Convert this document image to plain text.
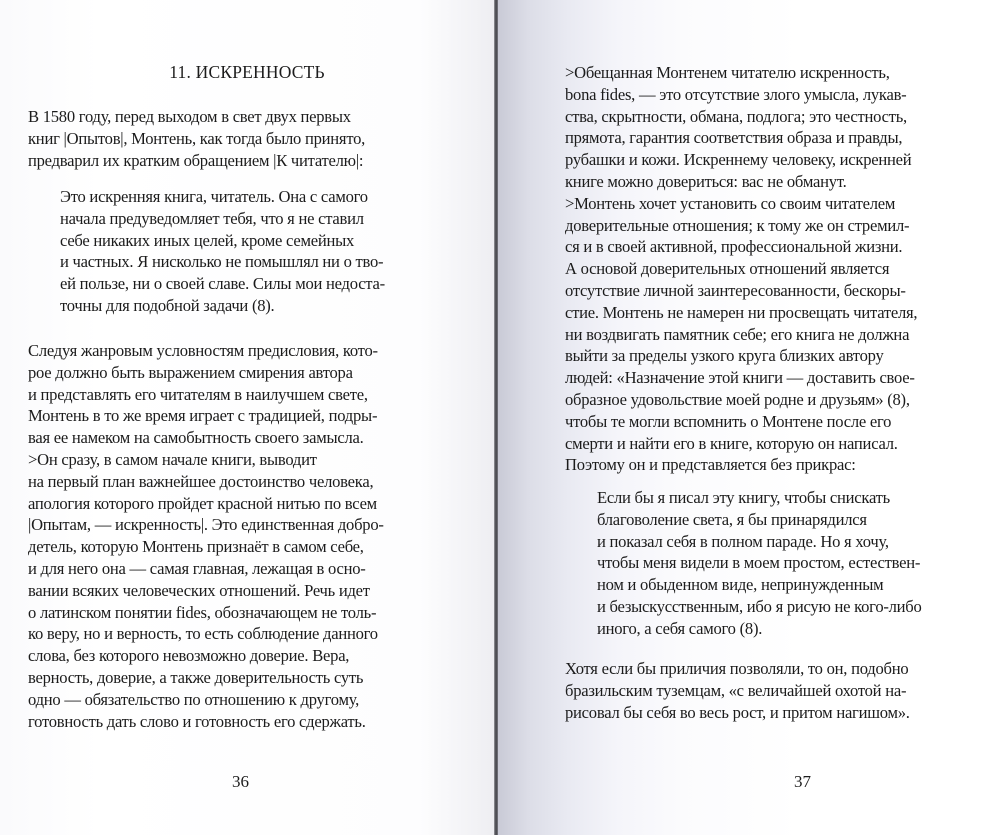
11. ИСКРЕННОСТЬ
В 1580 году, перед выходом в свет двух первых
книг |Опытов|, Монтень, как тогда было принято,
предварил их кратким обращением |К читателю|:
Это искренняя книга, читатель. Она с самого
начала предуведомляет тебя, что я не ставил
себе никаких иных целей, кроме семейных
и частных. Я нисколько не помышлял ни о тво-
ей пользе, ни о своей славе. Силы мои недоста-
точны для подобной задачи (8).
Следуя жанровым условностям предисловия, кото-
рое должно быть выражением смирения автора
и представлять его читателям в наилучшем свете,
Монтень в то же время играет с традицией, подры-
вая ее намеком на самобытность своего замысла.
>Он сразу, в самом начале книги, выводит
на первый план важнейшее достоинство человека,
апология которого пройдет красной нитью по всем
|Опытам, — искренность|. Это единственная добро-
детель, которую Монтень признаёт в самом себе,
и для него она — самая главная, лежащая в осно-
вании всяких человеческих отношений. Речь идет
о латинском понятии fides, обозначающем не толь-
ко веру, но и верность, то есть соблюдение данного
слова, без которого невозможно доверие. Вера,
верность, доверие, а также доверительность суть
одно — обязательство по отношению к другому,
готовность дать слово и готовность его сдержать.
36	37
>Обещанная Монтенем читателю искренность,
bona fides, — это отсутствие злого умысла, лукав-
ства, скрытности, обмана, подлога; это честность,
прямота, гарантия соответствия образа и правды,
рубашки и кожи. Искреннему человеку, искренней
книге можно довериться: вас не обманут.
>Монтень хочет установить со своим читателем
доверительные отношения; к тому же он стремил-
ся и в своей активной, профессиональной жизни.
А основой доверительных отношений является
отсутствие личной заинтересованности, бескоры-
стие. Монтень не намерен ни просвещать читателя,
ни воздвигать памятник себе; его книга не должна
выйти за пределы узкого круга близких автору
людей: «Назначение этой книги — доставить свое-
образное удовольствие моей родне и друзьям» (8),
чтобы те могли вспомнить о Монтене после его
смерти и найти его в книге, которую он написал.
Поэтому он и представляется без прикрас:
Если бы я писал эту книгу, чтобы снискать
благоволение света, я бы принарядился
и показал себя в полном параде. Но я хочу,
чтобы меня видели в моем простом, естествен-
ном и обыденном виде, непринужденным
и безыскусственным, ибо я рисую не кого-либо
иного, а себя самого (8).
Хотя если бы приличия позволяли, то он, подобно
бразильским туземцам, «с величайшей охотой на-
рисовал бы себя во весь рост, и притом нагишом».
